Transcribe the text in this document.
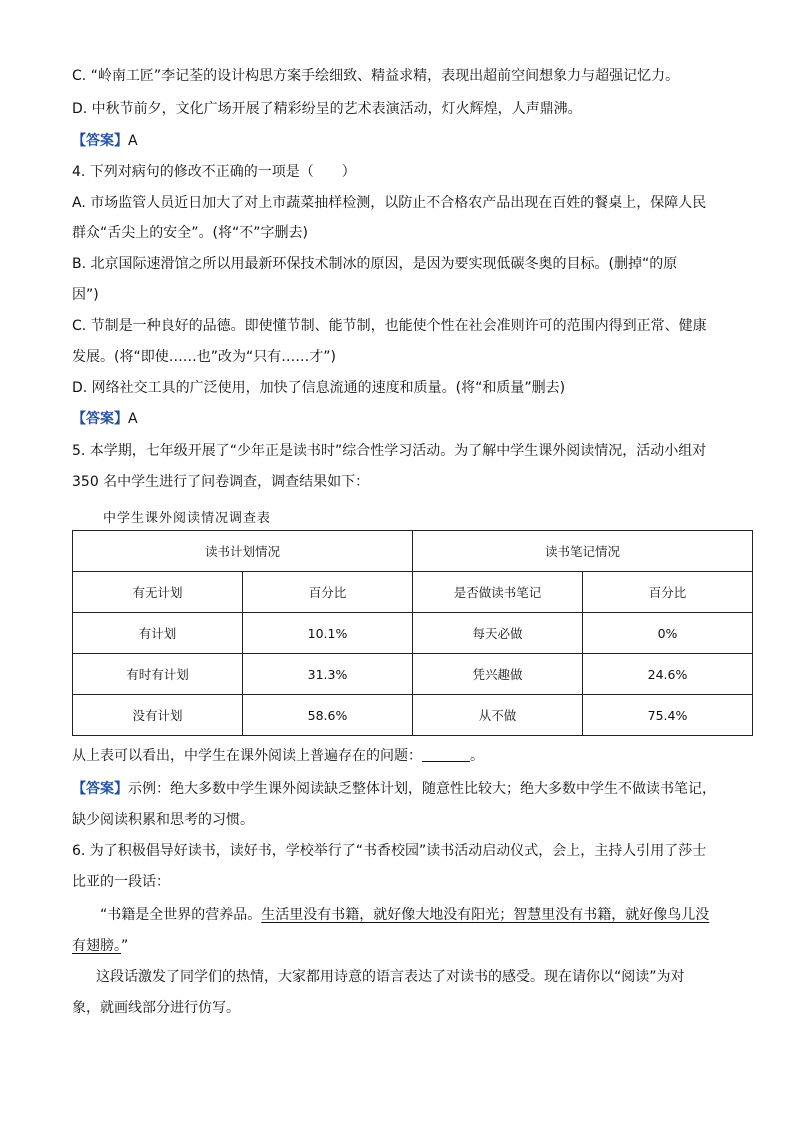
C. “岭南工匠”李记荃的设计构思方案手绘细致、精益求精，表现出超前空间想象力与超强记忆力。
D. 中秋节前夕，文化广场开展了精彩纷呈的艺术表演活动，灯火辉煌，人声鼎沸。
【答案】A
4. 下列对病句的修改不正确的一项是（　　）
A. 市场监管人员近日加大了对上市蔬菜抽样检测，以防止不合格农产品出现在百姓的餐桌上，保障人民
群众“舌尖上的安全”。(将“不”字删去)
B. 北京国际速滑馆之所以用最新环保技术制冰的原因，是因为要实现低碳冬奥的目标。(删掉“的原
因”)
C. 节制是一种良好的品德。即使懂节制、能节制，也能使个性在社会准则许可的范围内得到正常、健康
发展。(将“即使……也”改为“只有……才”)
D. 网络社交工具的广泛使用，加快了信息流通的速度和质量。(将“和质量”删去)
【答案】A
5. 本学期，七年级开展了“少年正是读书时”综合性学习活动。为了解中学生课外阅读情况，活动小组对
350 名中学生进行了问卷调查，调查结果如下：
中学生课外阅读情况调查表
读书计划情况		读书笔记情况	
有无计划	百分比	是否做读书笔记	百分比
有计划	10.1%	每天必做	0%
有时有计划	31.3%	凭兴趣做	24.6%
没有计划	58.6%	从不做	75.4%
从上表可以看出，中学生在课外阅读上普遍存在的问题：	。
【答案】示例：绝大多数中学生课外阅读缺乏整体计划，随意性比较大；绝大多数中学生不做读书笔记，
缺少阅读积累和思考的习惯。
6. 为了积极倡导好读书，读好书，学校举行了“书香校园”读书活动启动仪式，会上，主持人引用了莎士
比亚的一段话：
“书籍是全世界的营养品。生活里没有书籍，就好像大地没有阳光；智慧里没有书籍，就好像鸟儿没
有翅膀。”
这段话激发了同学们的热情，大家都用诗意的语言表达了对读书的感受。现在请你以“阅读”为对
象，就画线部分进行仿写。
